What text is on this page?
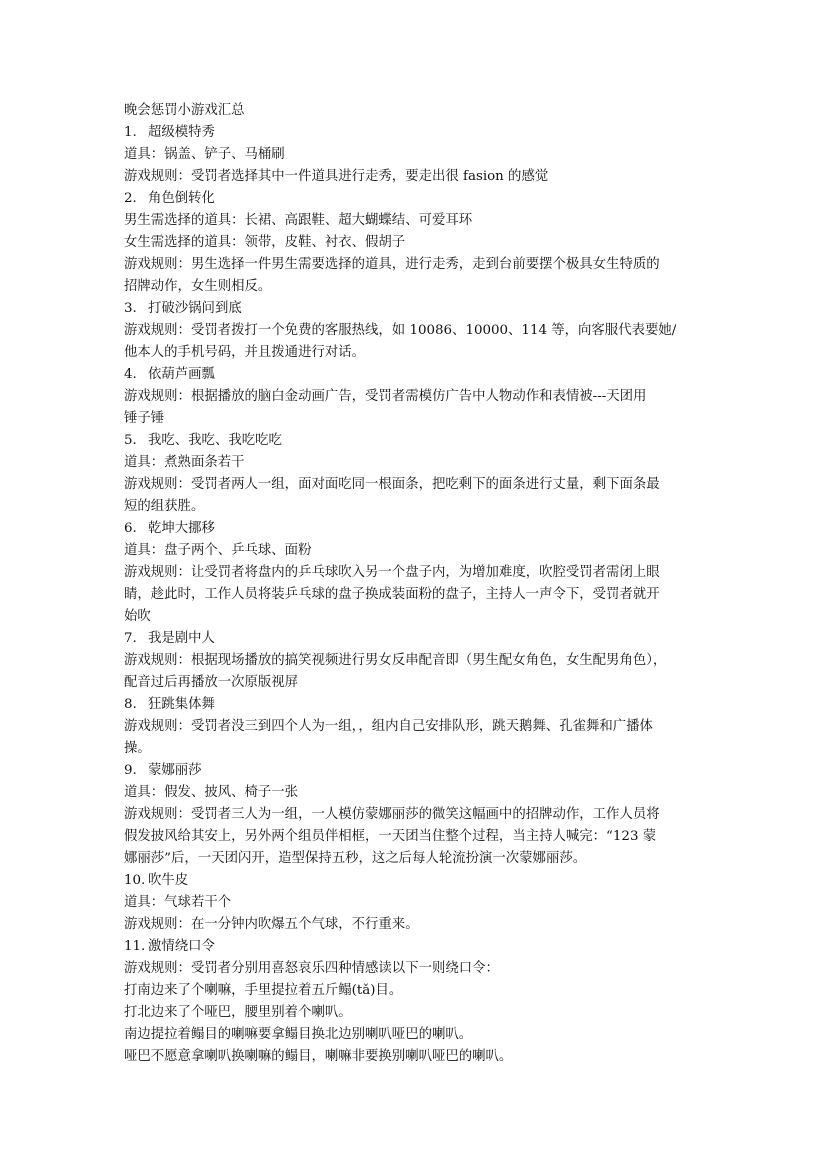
晚会惩罚小游戏汇总
1. 超级模特秀
道具：锅盖、铲子、马桶刷
游戏规则：受罚者选择其中一件道具进行走秀，要走出很 fasion 的感觉
2. 角色倒转化
男生需选择的道具：长裙、高跟鞋、超大蝴蝶结、可爱耳环
女生需选择的道具：领带，皮鞋、衬衣、假胡子
游戏规则：男生选择一件男生需要选择的道具，进行走秀，走到台前要摆个极具女生特质的
招牌动作，女生则相反。
3. 打破沙锅问到底
游戏规则：受罚者拨打一个免费的客服热线，如 10086、10000、114 等，向客服代表要她/
他本人的手机号码，并且拨通进行对话。
4. 依葫芦画瓢
游戏规则：根据播放的脑白金动画广告，受罚者需模仿广告中人物动作和表情被---天团用
锤子锤
5. 我吃、我吃、我吃吃吃
道具：煮熟面条若干
游戏规则：受罚者两人一组，面对面吃同一根面条，把吃剩下的面条进行丈量，剩下面条最
短的组获胜。
6. 乾坤大挪移
道具：盘子两个、乒乓球、面粉
游戏规则：让受罚者将盘内的乒乓球吹入另一个盘子内，为增加难度，吹腔受罚者需闭上眼
睛，趁此时，工作人员将装乒乓球的盘子换成装面粉的盘子，主持人一声令下，受罚者就开
始吹
7. 我是剧中人
游戏规则：根据现场播放的搞笑视频进行男女反串配音即（男生配女角色，女生配男角色），
配音过后再播放一次原版视屏
8. 狂跳集体舞
游戏规则：受罚者没三到四个人为一组，，组内自己安排队形，跳天鹅舞、孔雀舞和广播体
操。
9. 蒙娜丽莎
道具：假发、披风、椅子一张
游戏规则：受罚者三人为一组，一人模仿蒙娜丽莎的微笑这幅画中的招牌动作，工作人员将
假发披风给其安上，另外两个组员伴相框，一天团当住整个过程，当主持人喊完：“123 蒙
娜丽莎”后，一天团闪开，造型保持五秒，这之后每人轮流扮演一次蒙娜丽莎。
10. 吹牛皮
道具：气球若干个
游戏规则：在一分钟内吹爆五个气球，不行重来。
11. 激情绕口令
游戏规则：受罚者分别用喜怒哀乐四种情感读以下一则绕口令：
打南边来了个喇嘛，手里提拉着五斤鳎(tǎ)目。
打北边来了个哑巴，腰里别着个喇叭。
南边提拉着鳎目的喇嘛要拿鳎目换北边别喇叭哑巴的喇叭。
哑巴不愿意拿喇叭换喇嘛的鳎目，喇嘛非要换别喇叭哑巴的喇叭。
